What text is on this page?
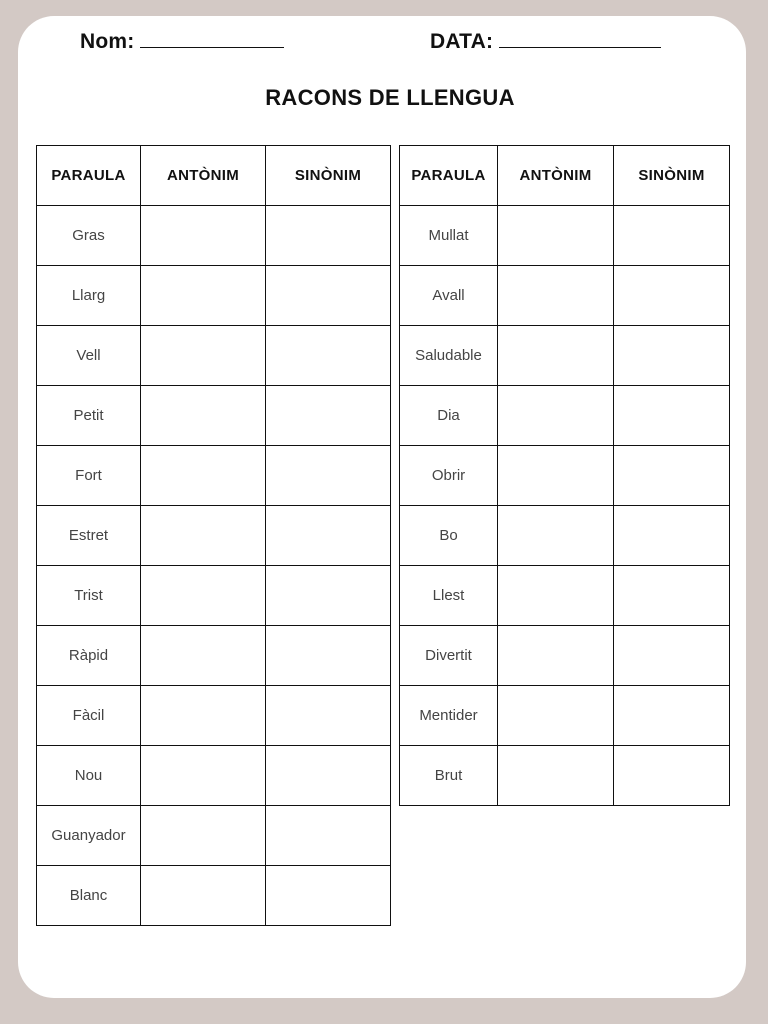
Nom:	DATA:
RACONS DE LLENGUA
PARAULA	ANTÒNIM	SINÒNIM
Gras		
Llarg		
Vell		
Petit		
Fort		
Estret		
Trist		
Ràpid		
Fàcil		
Nou		
Guanyador		
Blanc		
PARAULA	ANTÒNIM	SINÒNIM
Mullat		
Avall		
Saludable		
Dia		
Obrir		
Bo		
Llest		
Divertit		
Mentider		
Brut		
